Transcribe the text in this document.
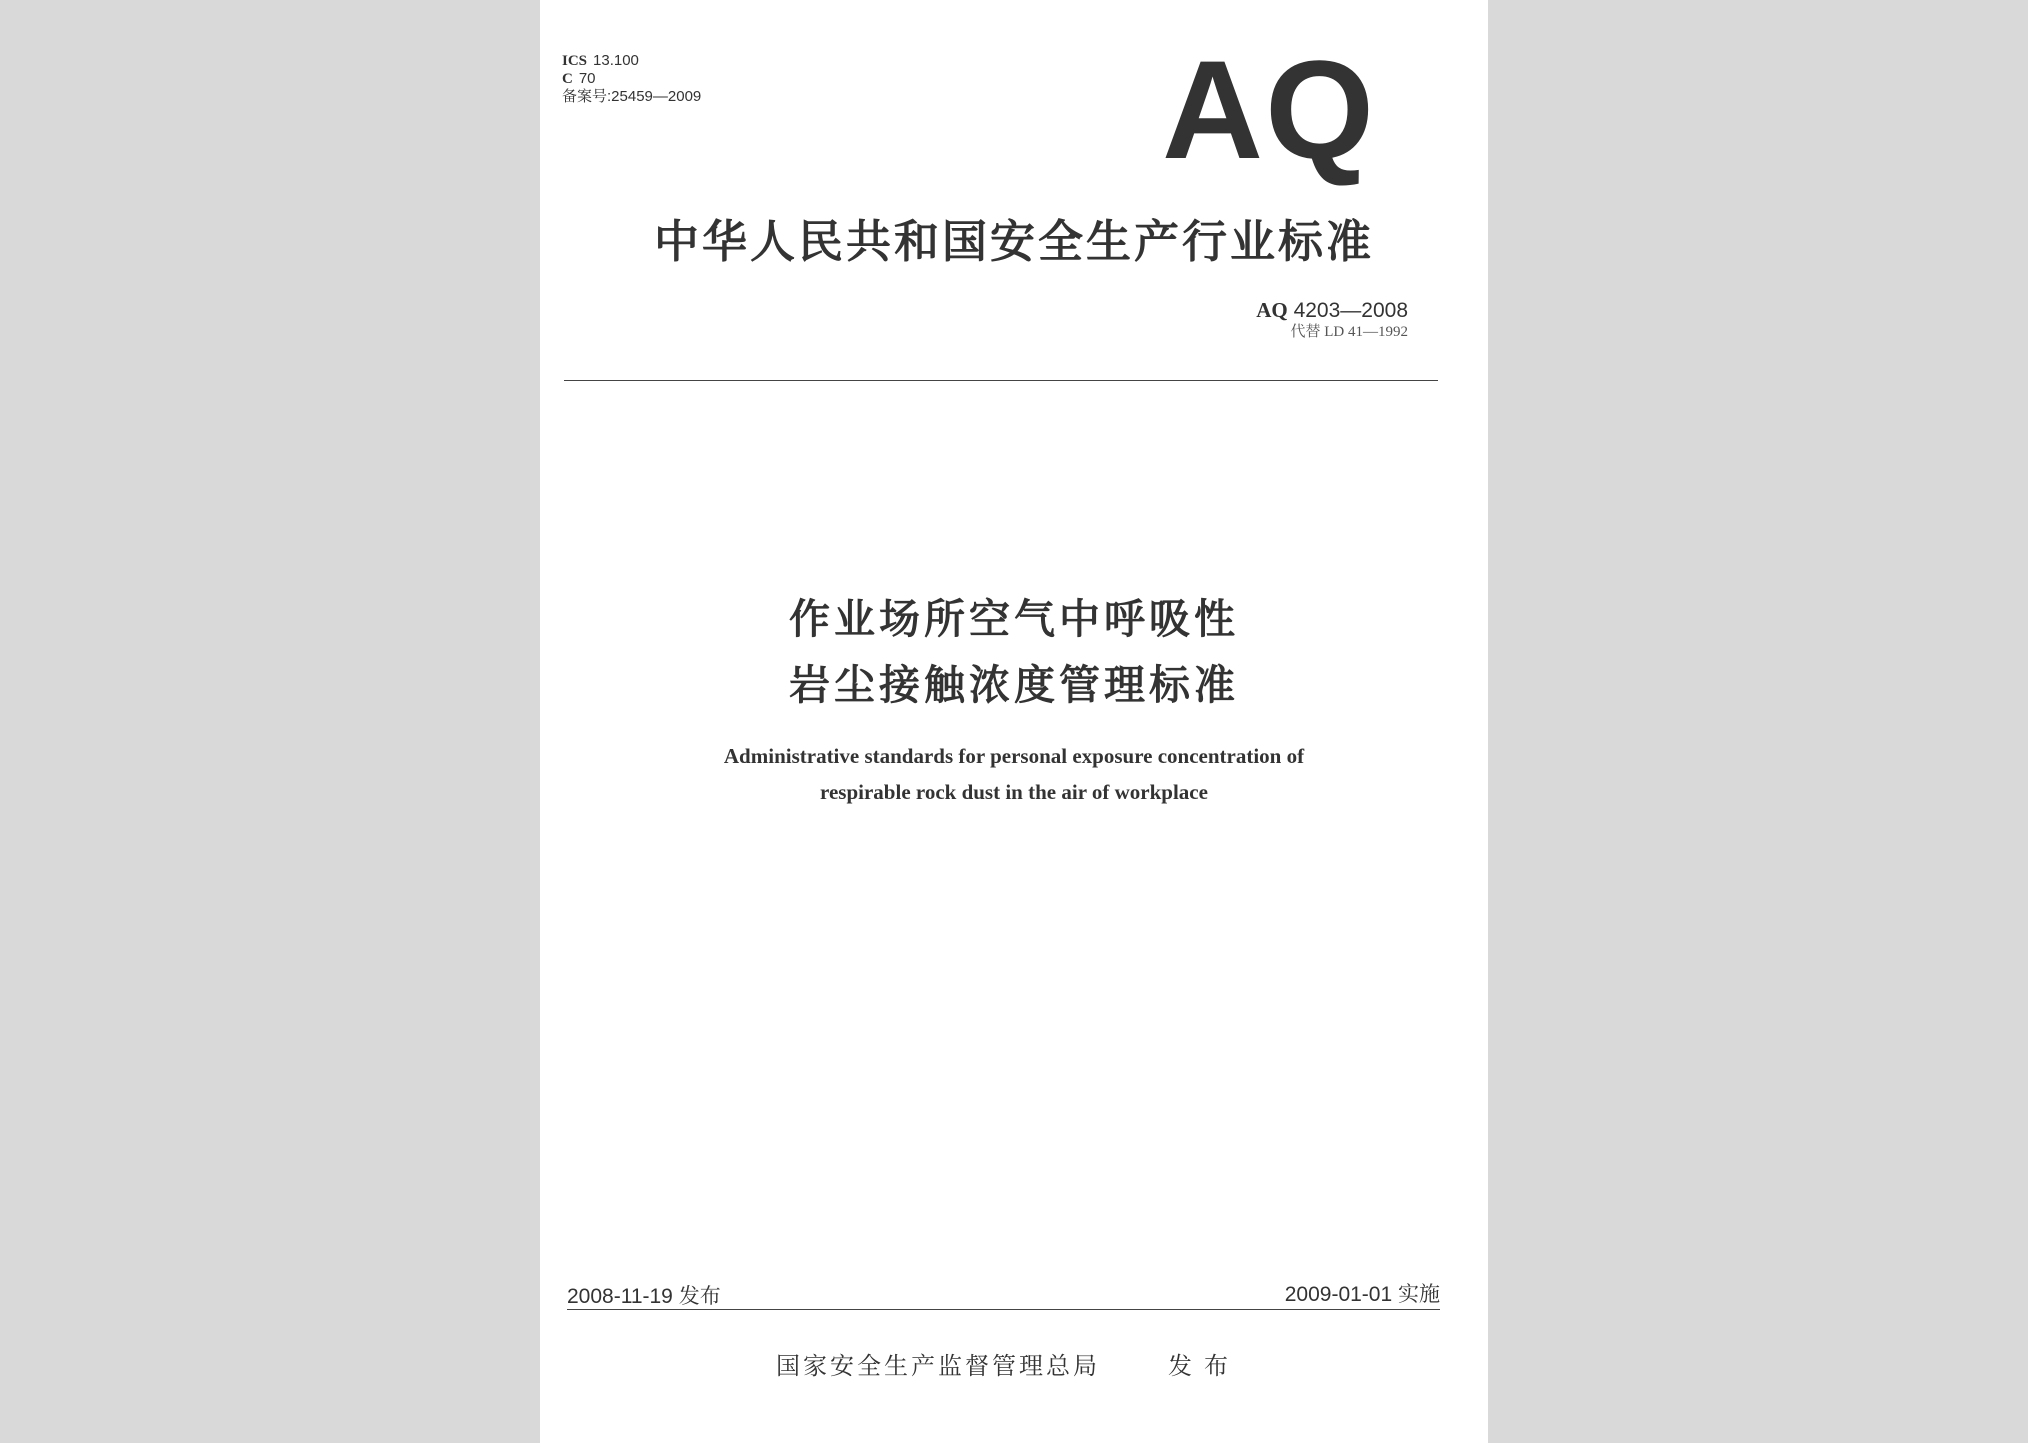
ICS 13.100
C 70
备案号:25459—2009	AQ
中华人民共和国安全生产行业标准
AQ 4203—2008
代替 LD 41—1992
作业场所空气中呼吸性
岩尘接触浓度管理标准
Administrative standards for personal exposure concentration of
respirable rock dust in the air of workplace
2008-11-19 发布	2009-01-01 实施
国家安全生产监督管理总局	发布
